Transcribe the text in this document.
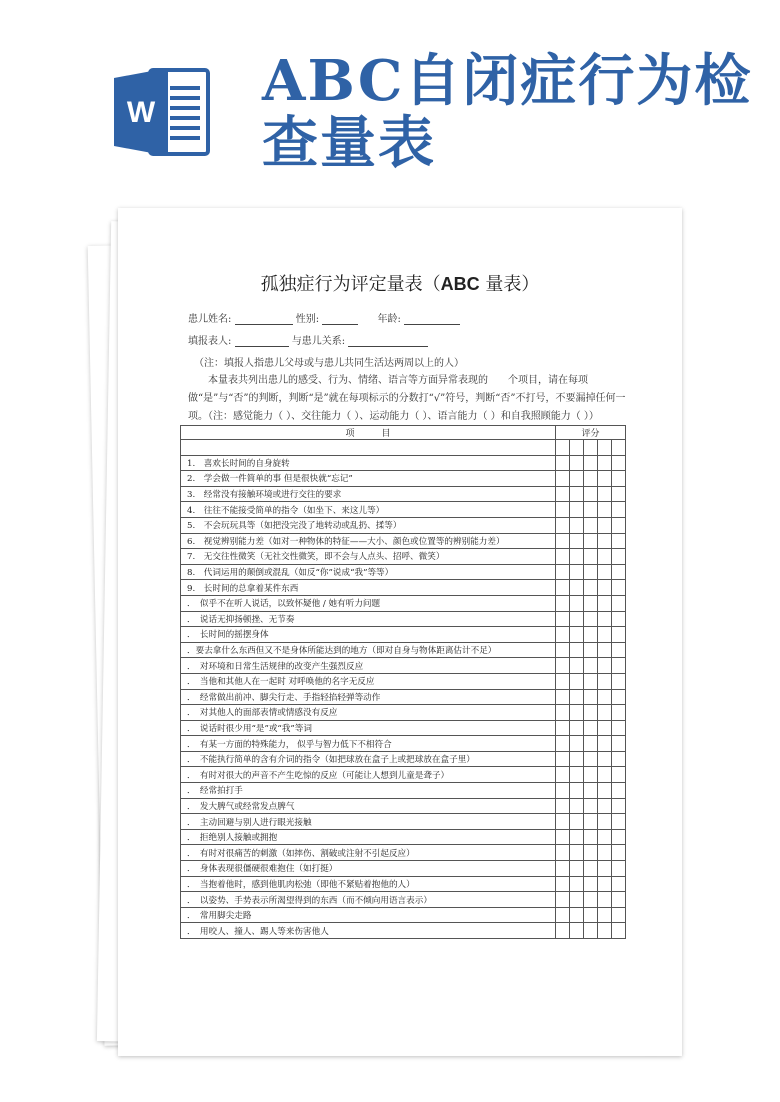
W ABC自闭症行为检查量表
孤独症行为评定量表（ABC 量表）
患儿姓名:	性别:	年龄:
填报表人:	与患儿关系:
（注：填报人指患儿父母或与患儿共同生活达两周以上的人）
本量表共列出患儿的感受、行为、情绪、语言等方面异常表现的　　个项目，请在每项做“是”与“否”的判断，判断“是”就在每项标示的分数打“√”符号，判断“否”不打号，不要漏掉任何一项。（注：感觉能力（ ）、交往能力（ ）、运动能力（ ）、语言能力（ ）和自我照顾能力（ ））
项　　　目	评分				

1.　喜欢长时间的自身旋转					
2.　学会做一件简单的事 但是很快就“忘记”					
3.　经常没有接触环境或进行交往的要求					
4.　往往不能接受简单的指令（如坐下、来这儿等）					
5.　不会玩玩具等（如把没完没了地转动或乱扔、揉等）					
6.　视觉辨别能力差（如对一种物体的特征——大小、颜色或位置等的辨别能力差）					
7.　无交往性微笑（无社交性微笑，即不会与人点头、招呼、微笑）					
8.　代词运用的颠倒或混乱（如反“你”说成“我”等等）					
9.　长时间的总拿着某件东西					
．　似乎不在听人说话，以致怀疑他 / 她有听力问题					
．　说话无抑扬顿挫、无节奏					
．　长时间的摇摆身体					
．要去拿什么东西但又不是身体所能达到的地方（即对自身与物体距离估计不足）					
．　对环境和日常生活规律的改变产生强烈反应					
．　当他和其他人在一起时 对呼唤他的名字无反应					
．　经常做出前冲、脚尖行走、手指轻掐轻弹等动作					
．　对其他人的面部表情或情感没有反应					
．　说话时很少用“是”或“我”等词					
．　有某一方面的特殊能力， 似乎与智力低下不相符合					
．　不能执行简单的含有介词的指令（如把球放在盒子上或把球放在盒子里）					
．　有时对很大的声音不产生吃惊的反应（可能让人想到儿童是聋子）					
．　经常拍打手					
．　发大脾气或经常发点脾气					
．　主动回避与别人进行眼光接触					
．　拒绝别人接触或拥抱					
．　有时对很痛苦的刺激（如摔伤、割破或注射不引起反应）					
．　身体表现很僵硬很难抱住（如打挺）					
．　当抱着他时，感到他肌肉松弛（即他不紧贴着抱他的人）					
．　以姿势、手势表示所渴望得到的东西（而不倾向用语言表示）					
．　常用脚尖走路					
．　用咬人、撞人、踢人等来伤害他人					
